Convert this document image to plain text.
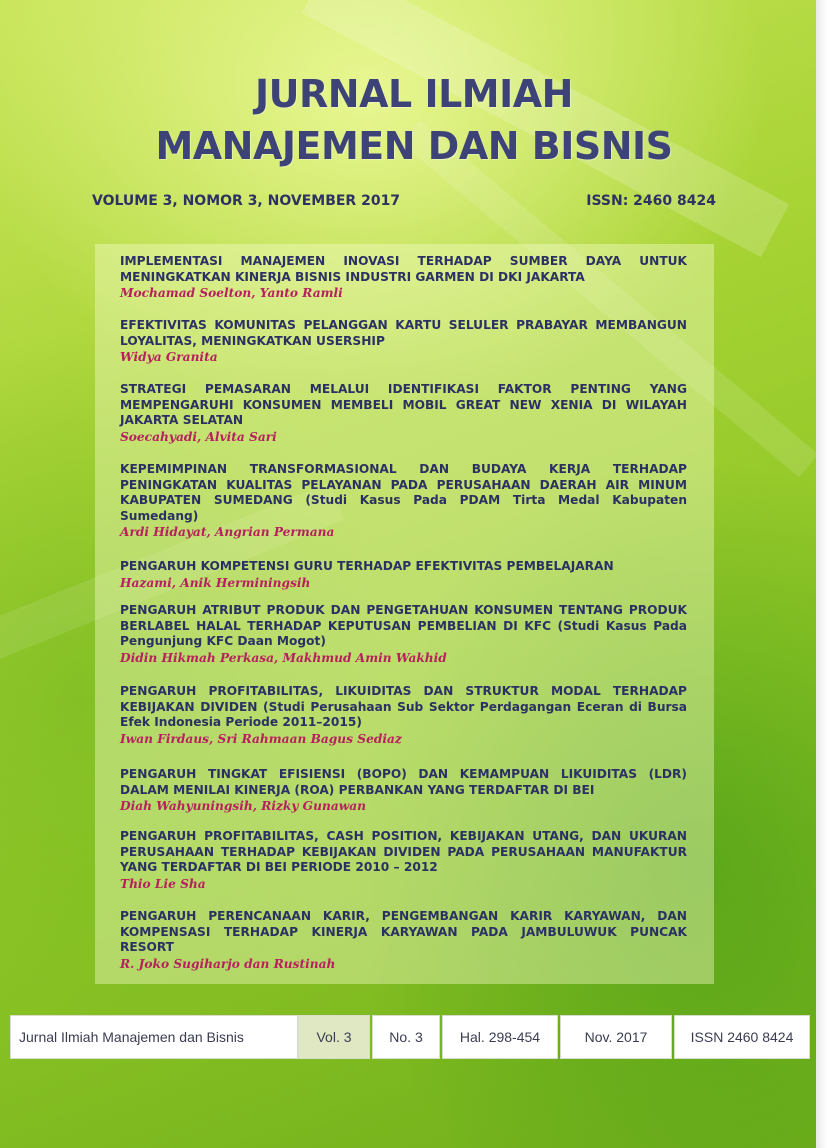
JURNAL ILMIAH
MANAJEMEN DAN BISNIS
VOLUME 3, NOMOR 3, NOVEMBER 2017	ISSN: 2460 8424
IMPLEMENTASI MANAJEMEN INOVASI TERHADAP SUMBER DAYA UNTUK MENINGKATKAN KINERJA BISNIS INDUSTRI GARMEN DI DKI JAKARTA
Mochamad Soelton, Yanto Ramli
EFEKTIVITAS KOMUNITAS PELANGGAN KARTU SELULER PRABAYAR MEMBANGUN LOYALITAS, MENINGKATKAN USERSHIP
Widya Granita
STRATEGI PEMASARAN MELALUI IDENTIFIKASI FAKTOR PENTING YANG MEMPENGARUHI KONSUMEN MEMBELI MOBIL GREAT NEW XENIA DI WILAYAH JAKARTA SELATAN
Soecahyadi, Alvita Sari
KEPEMIMPINAN TRANSFORMASIONAL DAN BUDAYA KERJA TERHADAP PENINGKATAN KUALITAS PELAYANAN PADA PERUSAHAAN DAERAH AIR MINUM KABUPATEN SUMEDANG (Studi Kasus Pada PDAM Tirta Medal Kabupaten Sumedang)
Ardi Hidayat, Angrian Permana
PENGARUH KOMPETENSI GURU TERHADAP EFEKTIVITAS PEMBELAJARAN
Hazami, Anik Herminingsih
PENGARUH ATRIBUT PRODUK DAN PENGETAHUAN KONSUMEN TENTANG PRODUK BERLABEL HALAL TERHADAP KEPUTUSAN PEMBELIAN DI KFC (Studi Kasus Pada Pengunjung KFC Daan Mogot)
Didin Hikmah Perkasa, Makhmud Amin Wakhid
PENGARUH PROFITABILITAS, LIKUIDITAS DAN STRUKTUR MODAL TERHADAP KEBIJAKAN DIVIDEN (Studi Perusahaan Sub Sektor Perdagangan Eceran di Bursa Efek Indonesia Periode 2011–2015)
Iwan Firdaus, Sri Rahmaan Bagus Sediaz
PENGARUH TINGKAT EFISIENSI (BOPO) DAN KEMAMPUAN LIKUIDITAS (LDR) DALAM MENILAI KINERJA (ROA) PERBANKAN YANG TERDAFTAR DI BEI
Diah Wahyuningsih, Rizky Gunawan
PENGARUH PROFITABILITAS, CASH POSITION, KEBIJAKAN UTANG, DAN UKURAN PERUSAHAAN TERHADAP KEBIJAKAN DIVIDEN PADA PERUSAHAAN MANUFAKTUR YANG TERDAFTAR DI BEI PERIODE 2010 – 2012
Thio Lie Sha
PENGARUH PERENCANAAN KARIR, PENGEMBANGAN KARIR KARYAWAN, DAN KOMPENSASI TERHADAP KINERJA KARYAWAN PADA JAMBULUWUK PUNCAK RESORT
R. Joko Sugiharjo dan Rustinah
Jurnal Ilmiah Manajemen dan Bisnis	Vol. 3	No. 3	Hal. 298-454	Nov. 2017	ISSN 2460 8424
